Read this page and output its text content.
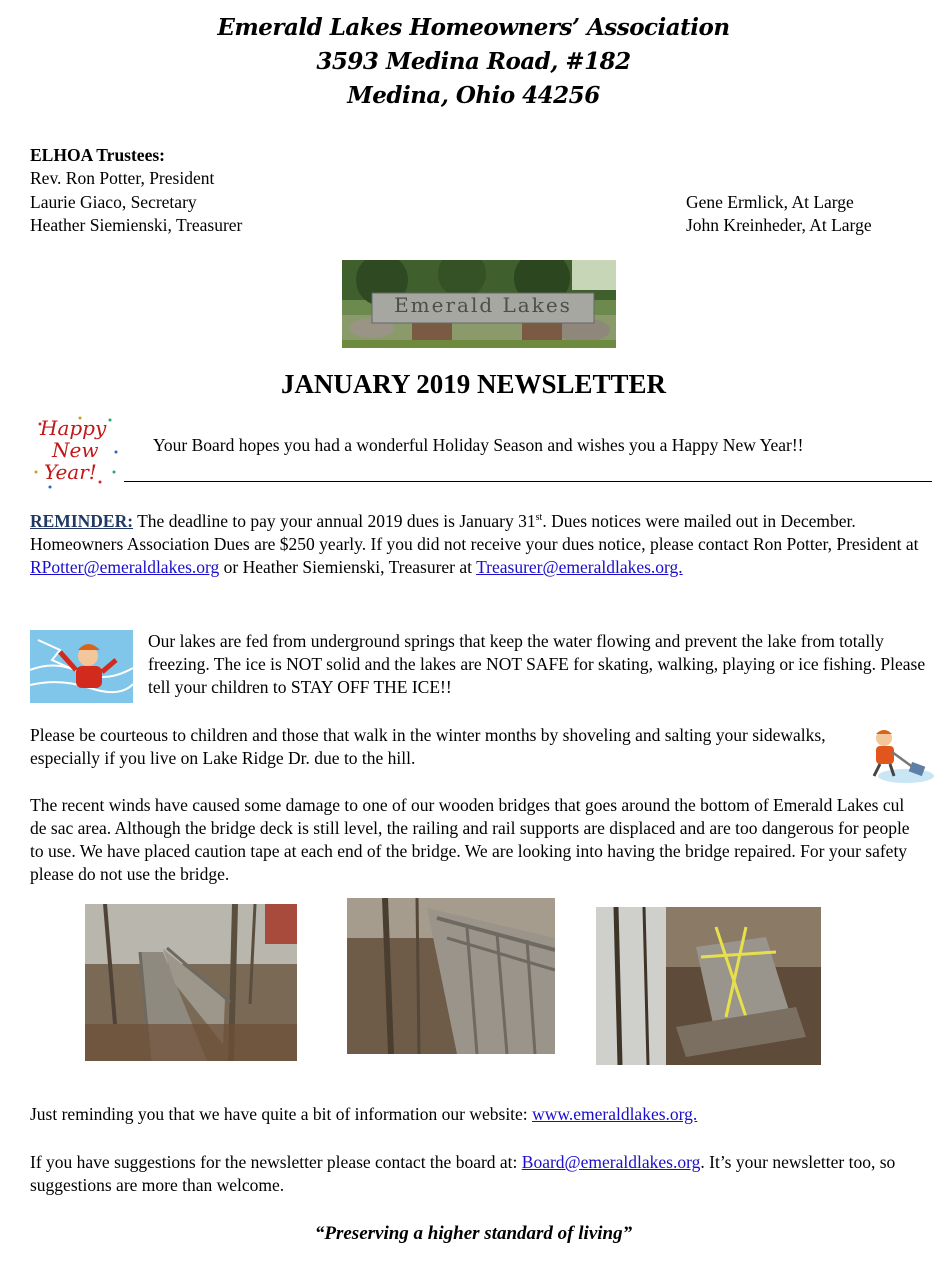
Emerald Lakes Homeowners’ Association
3593 Medina Road, #182
Medina, Ohio 44256
ELHOA Trustees:
Rev. Ron Potter, President
Laurie Giaco, Secretary
Heather Siemienski, Treasurer
Gene Ermlick, At Large
John Kreinheder, At Large
Emerald Lakes
JANUARY 2019 NEWSLETTER
Happy
New
Year!
Your Board hopes you had a wonderful Holiday Season and wishes you a Happy New Year!!
REMINDER: The deadline to pay your annual 2019 dues is January 31st. Dues notices were mailed out in December. Homeowners Association Dues are $250 yearly. If you did not receive your dues notice, please contact Ron Potter, President at RPotter@emeraldlakes.org or Heather Siemienski, Treasurer at Treasurer@emeraldlakes.org.
Our lakes are fed from underground springs that keep the water flowing and prevent the lake from totally freezing. The ice is NOT solid and the lakes are NOT SAFE for skating, walking, playing or ice fishing. Please tell your children to STAY OFF THE ICE!!
Please be courteous to children and those that walk in the winter months by shoveling and salting your sidewalks, especially if you live on Lake Ridge Dr. due to the hill.
The recent winds have caused some damage to one of our wooden bridges that goes around the bottom of Emerald Lakes cul de sac area. Although the bridge deck is still level, the railing and rail supports are displaced and are too dangerous for people to use. We have placed caution tape at each end of the bridge. We are looking into having the bridge repaired. For your safety please do not use the bridge.
Just reminding you that we have quite a bit of information our website: www.emeraldlakes.org.
If you have suggestions for the newsletter please contact the board at: Board@emeraldlakes.org. It’s your newsletter too, so suggestions are more than welcome.
“Preserving a higher standard of living”
